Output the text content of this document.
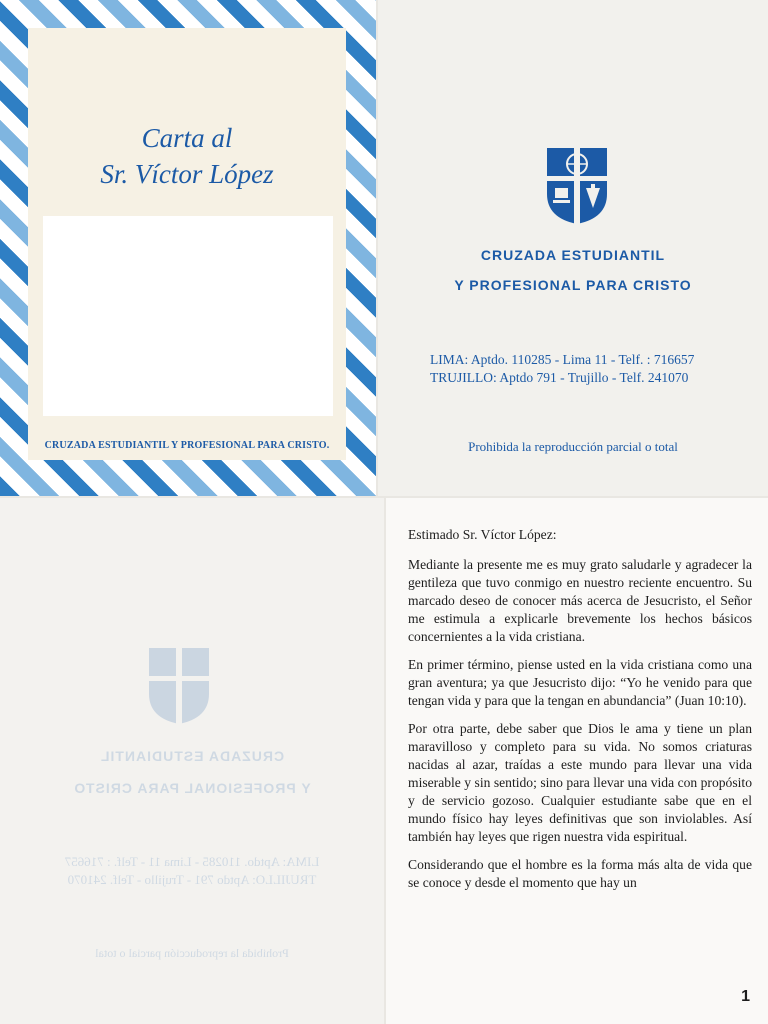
Carta al
Sr. Víctor López
CRUZADA ESTUDIANTIL Y PROFESIONAL PARA CRISTO.
CRUZADA ESTUDIANTIL
Y PROFESIONAL PARA CRISTO
LIMA: Aptdo. 110285 - Lima 11 - Telf. : 716657
TRUJILLO: Aptdo 791 - Trujillo - Telf. 241070
Prohibida la reproducción parcial o total
CRUZADA ESTUDIANTIL
Y PROFESIONAL PARA CRISTO
LIMA: Aptdo. 110285 - Lima 11 - Telf. : 716657
TRUJILLO: Aptdo 791 - Trujillo - Telf. 241070
Prohibida la reproducción parcial o total

Estimado Sr. Víctor López:

Mediante la presente me es muy grato saludarle y agradecer la gentileza que tuvo conmigo en nuestro reciente encuentro. Su marcado deseo de conocer más acerca de Jesucristo, el Señor me estimula a explicarle brevemente los hechos básicos concernientes a la vida cristiana.

En primer término, piense usted en la vida cristiana como una gran aventura; ya que Jesucristo dijo: “Yo he venido para que tengan vida y para que la tengan en abundancia” (Juan 10:10).

Por otra parte, debe saber que Dios le ama y tiene un plan maravilloso y completo para su vida. No somos criaturas nacidas al azar, traídas a este mundo para llevar una vida miserable y sin sentido; sino para llevar una vida con propósito y de servicio gozoso. Cualquier estudiante sabe que en el mundo físico hay leyes definitivas que son inviolables. Así también hay leyes que rigen nuestra vida espiritual.

Considerando que el hombre es la forma más alta de vida que se conoce y desde el momento que hay un

1
